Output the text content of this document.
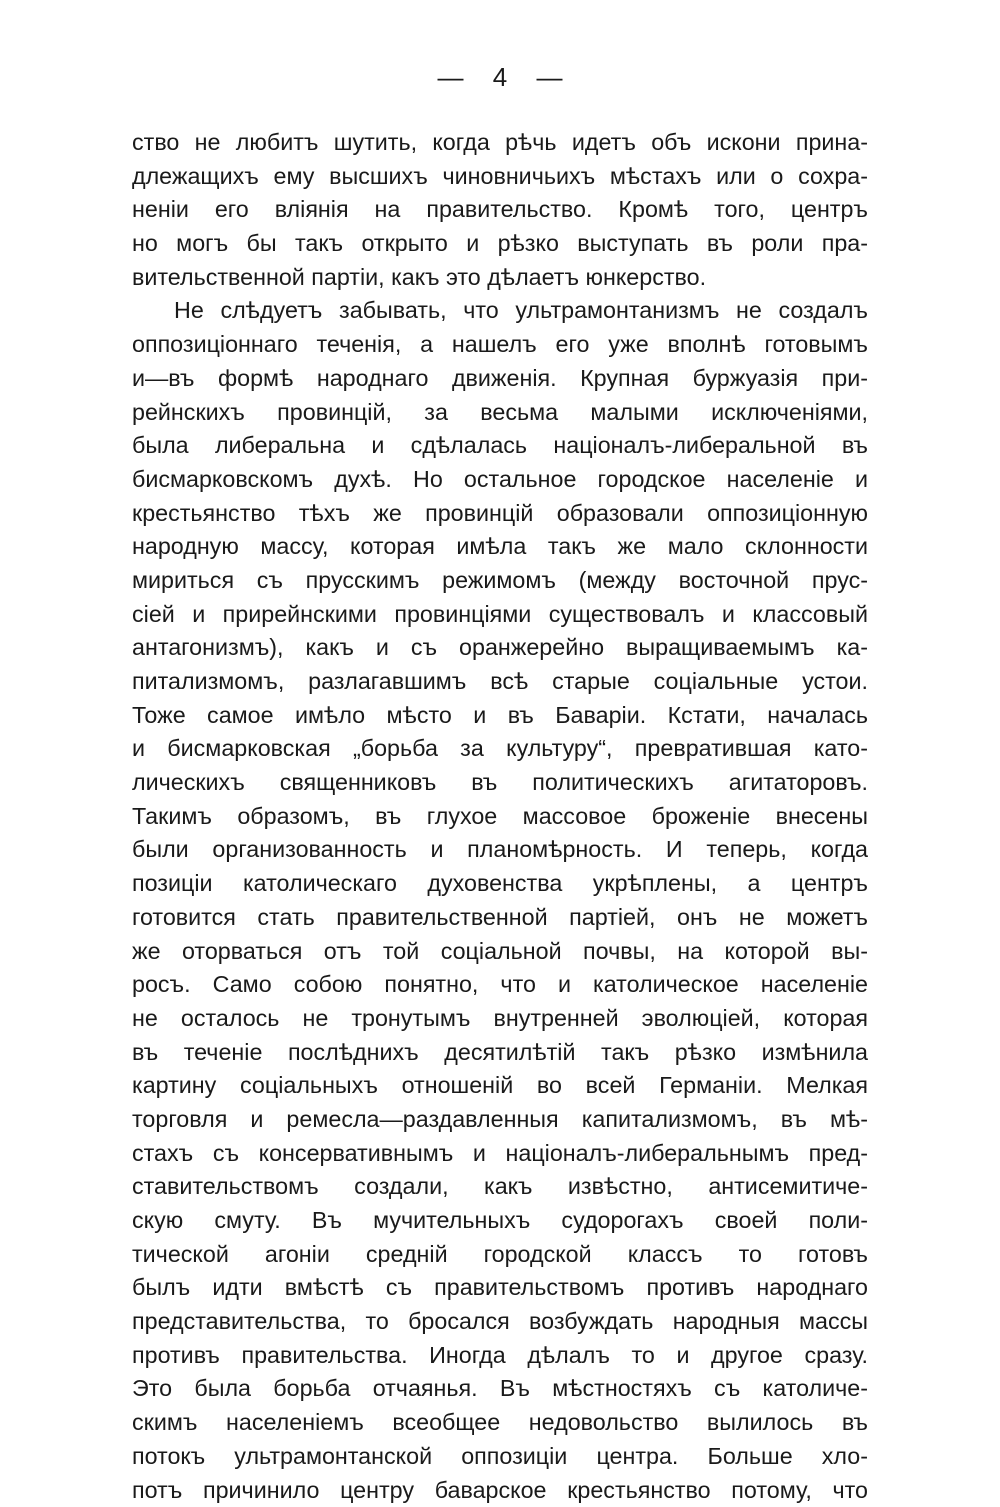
— 4 —
ство не любитъ шутить, когда рѣчь идетъ объ искони прина-
длежащихъ ему высшихъ чиновничьихъ мѣстахъ или о сохра-
неніи его вліянія на правительство. Кромѣ того, центръ
но могъ бы такъ открыто и рѣзко выступать въ роли пра-
вительственной партіи, какъ это дѣлаетъ юнкерство.
Не слѣдуетъ забывать, что ультрамонтанизмъ не создалъ
оппозиціоннаго теченія, а нашелъ его уже вполнѣ готовымъ
и—въ формѣ народнаго движенія. Крупная буржуазія при-
рейнскихъ провинцій, за весьма малыми исключеніями,
была либеральна и сдѣлалась націоналъ-либеральной въ
бисмарковскомъ духѣ. Но остальное городское населеніе и
крестьянство тѣхъ же провинцій образовали оппозиціонную
народную массу, которая имѣла такъ же мало склонности
мириться съ прусскимъ режимомъ (между восточной прус-
сіей и прирейнскими провинціями существовалъ и классовый
антагонизмъ), какъ и съ оранжерейно выращиваемымъ ка-
питализмомъ, разлагавшимъ всѣ старые соціальные устои.
Тоже самое имѣло мѣсто и въ Баваріи. Кстати, началась
и бисмарковская „борьба за культуру“, превратившая като-
лическихъ священниковъ въ политическихъ агитаторовъ.
Такимъ образомъ, въ глухое массовое броженіе внесены
были организованность и планомѣрность. И теперь, когда
позиціи католическаго духовенства укрѣплены, а центръ
готовится стать правительственной партіей, онъ не можетъ
же оторваться отъ той соціальной почвы, на которой вы-
росъ. Само собою понятно, что и католическое населеніе
не осталось не тронутымъ внутренней эволюціей, которая
въ теченіе послѣднихъ десятилѣтій такъ рѣзко измѣнила
картину соціальныхъ отношеній во всей Германіи. Мелкая
торговля и ремесла—раздавленныя капитализмомъ, въ мѣ-
стахъ съ консервативнымъ и націоналъ-либеральнымъ пред-
ставительствомъ создали, какъ извѣстно, антисемитиче-
скую смуту. Въ мучительныхъ судорогахъ своей поли-
тической агоніи средній городской классъ то готовъ
былъ идти вмѣстѣ съ правительствомъ противъ народнаго
представительства, то бросался возбуждать народныя массы
противъ правительства. Иногда дѣлалъ то и другое сразу.
Это была борьба отчаянья. Въ мѣстностяхъ съ католиче-
скимъ населеніемъ всеобщее недовольство вылилось въ
потокъ ультрамонтанской оппозиціи центра. Больше хло-
потъ причинило центру баварское крестьянство потому, что
